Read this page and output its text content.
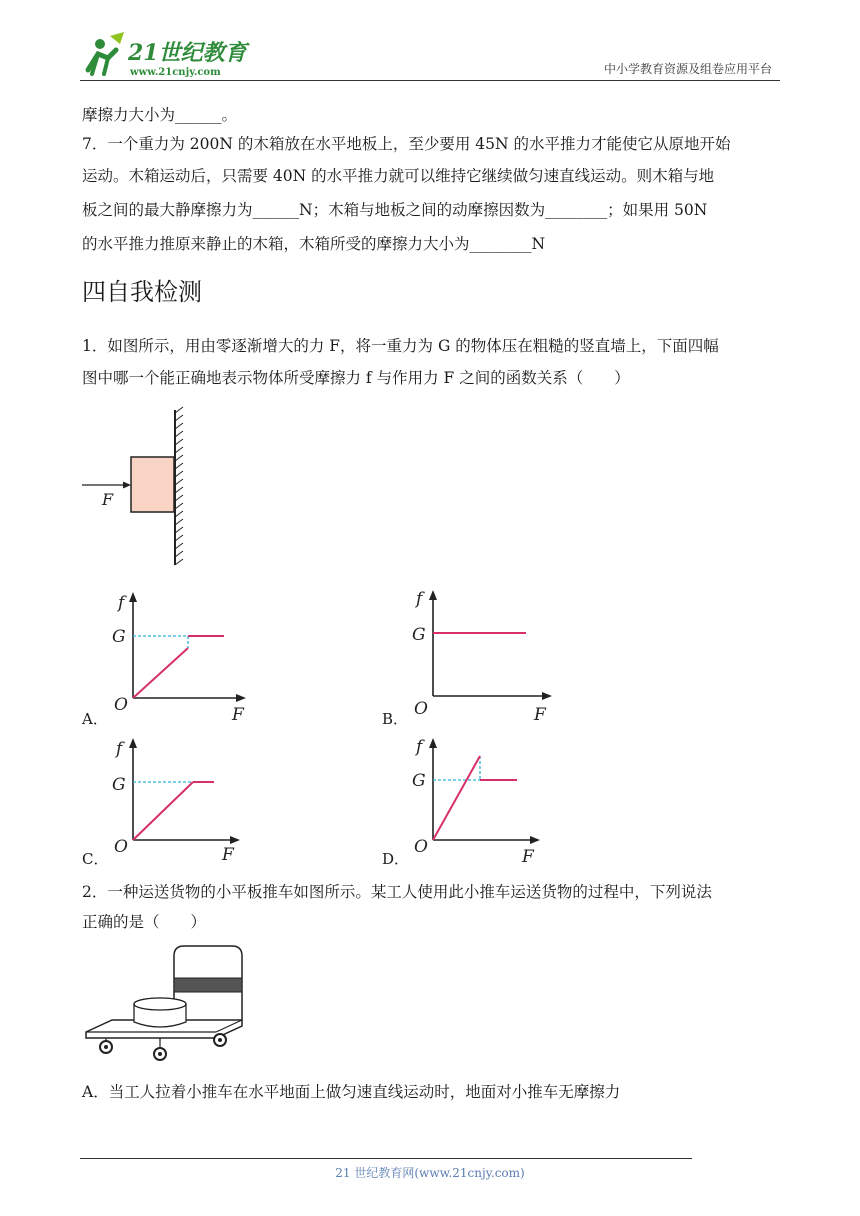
21世纪教育
www.21cnjy.com	中小学教育资源及组卷应用平台
摩擦力大小为______。
7．一个重力为 200N 的木箱放在水平地板上，至少要用 45N 的水平推力才能使它从原地开始
运动。木箱运动后，只需要 40N 的水平推力就可以维持它继续做匀速直线运动。则木箱与地
板之间的最大静摩擦力为______N；木箱与地板之间的动摩擦因数为________；如果用 50N
的水平推力推原来静止的木箱，木箱所受的摩擦力大小为________N
四自我检测
1．如图所示，用由零逐渐增大的力 F，将一重力为 G 的物体压在粗糙的竖直墙上，下面四幅
图中哪一个能正确地表示物体所受摩擦力 f 与作用力 F 之间的函数关系（　　）
F
A．
f
G
O	F	B．
f
G
O	F
C．
f
G
O	F	D．
f
G
O	F
2．一种运送货物的小平板推车如图所示。某工人使用此小推车运送货物的过程中，下列说法
正确的是（　　）
A．当工人拉着小推车在水平地面上做匀速直线运动时，地面对小推车无摩擦力
21 世纪教育网(www.21cnjy.com)
